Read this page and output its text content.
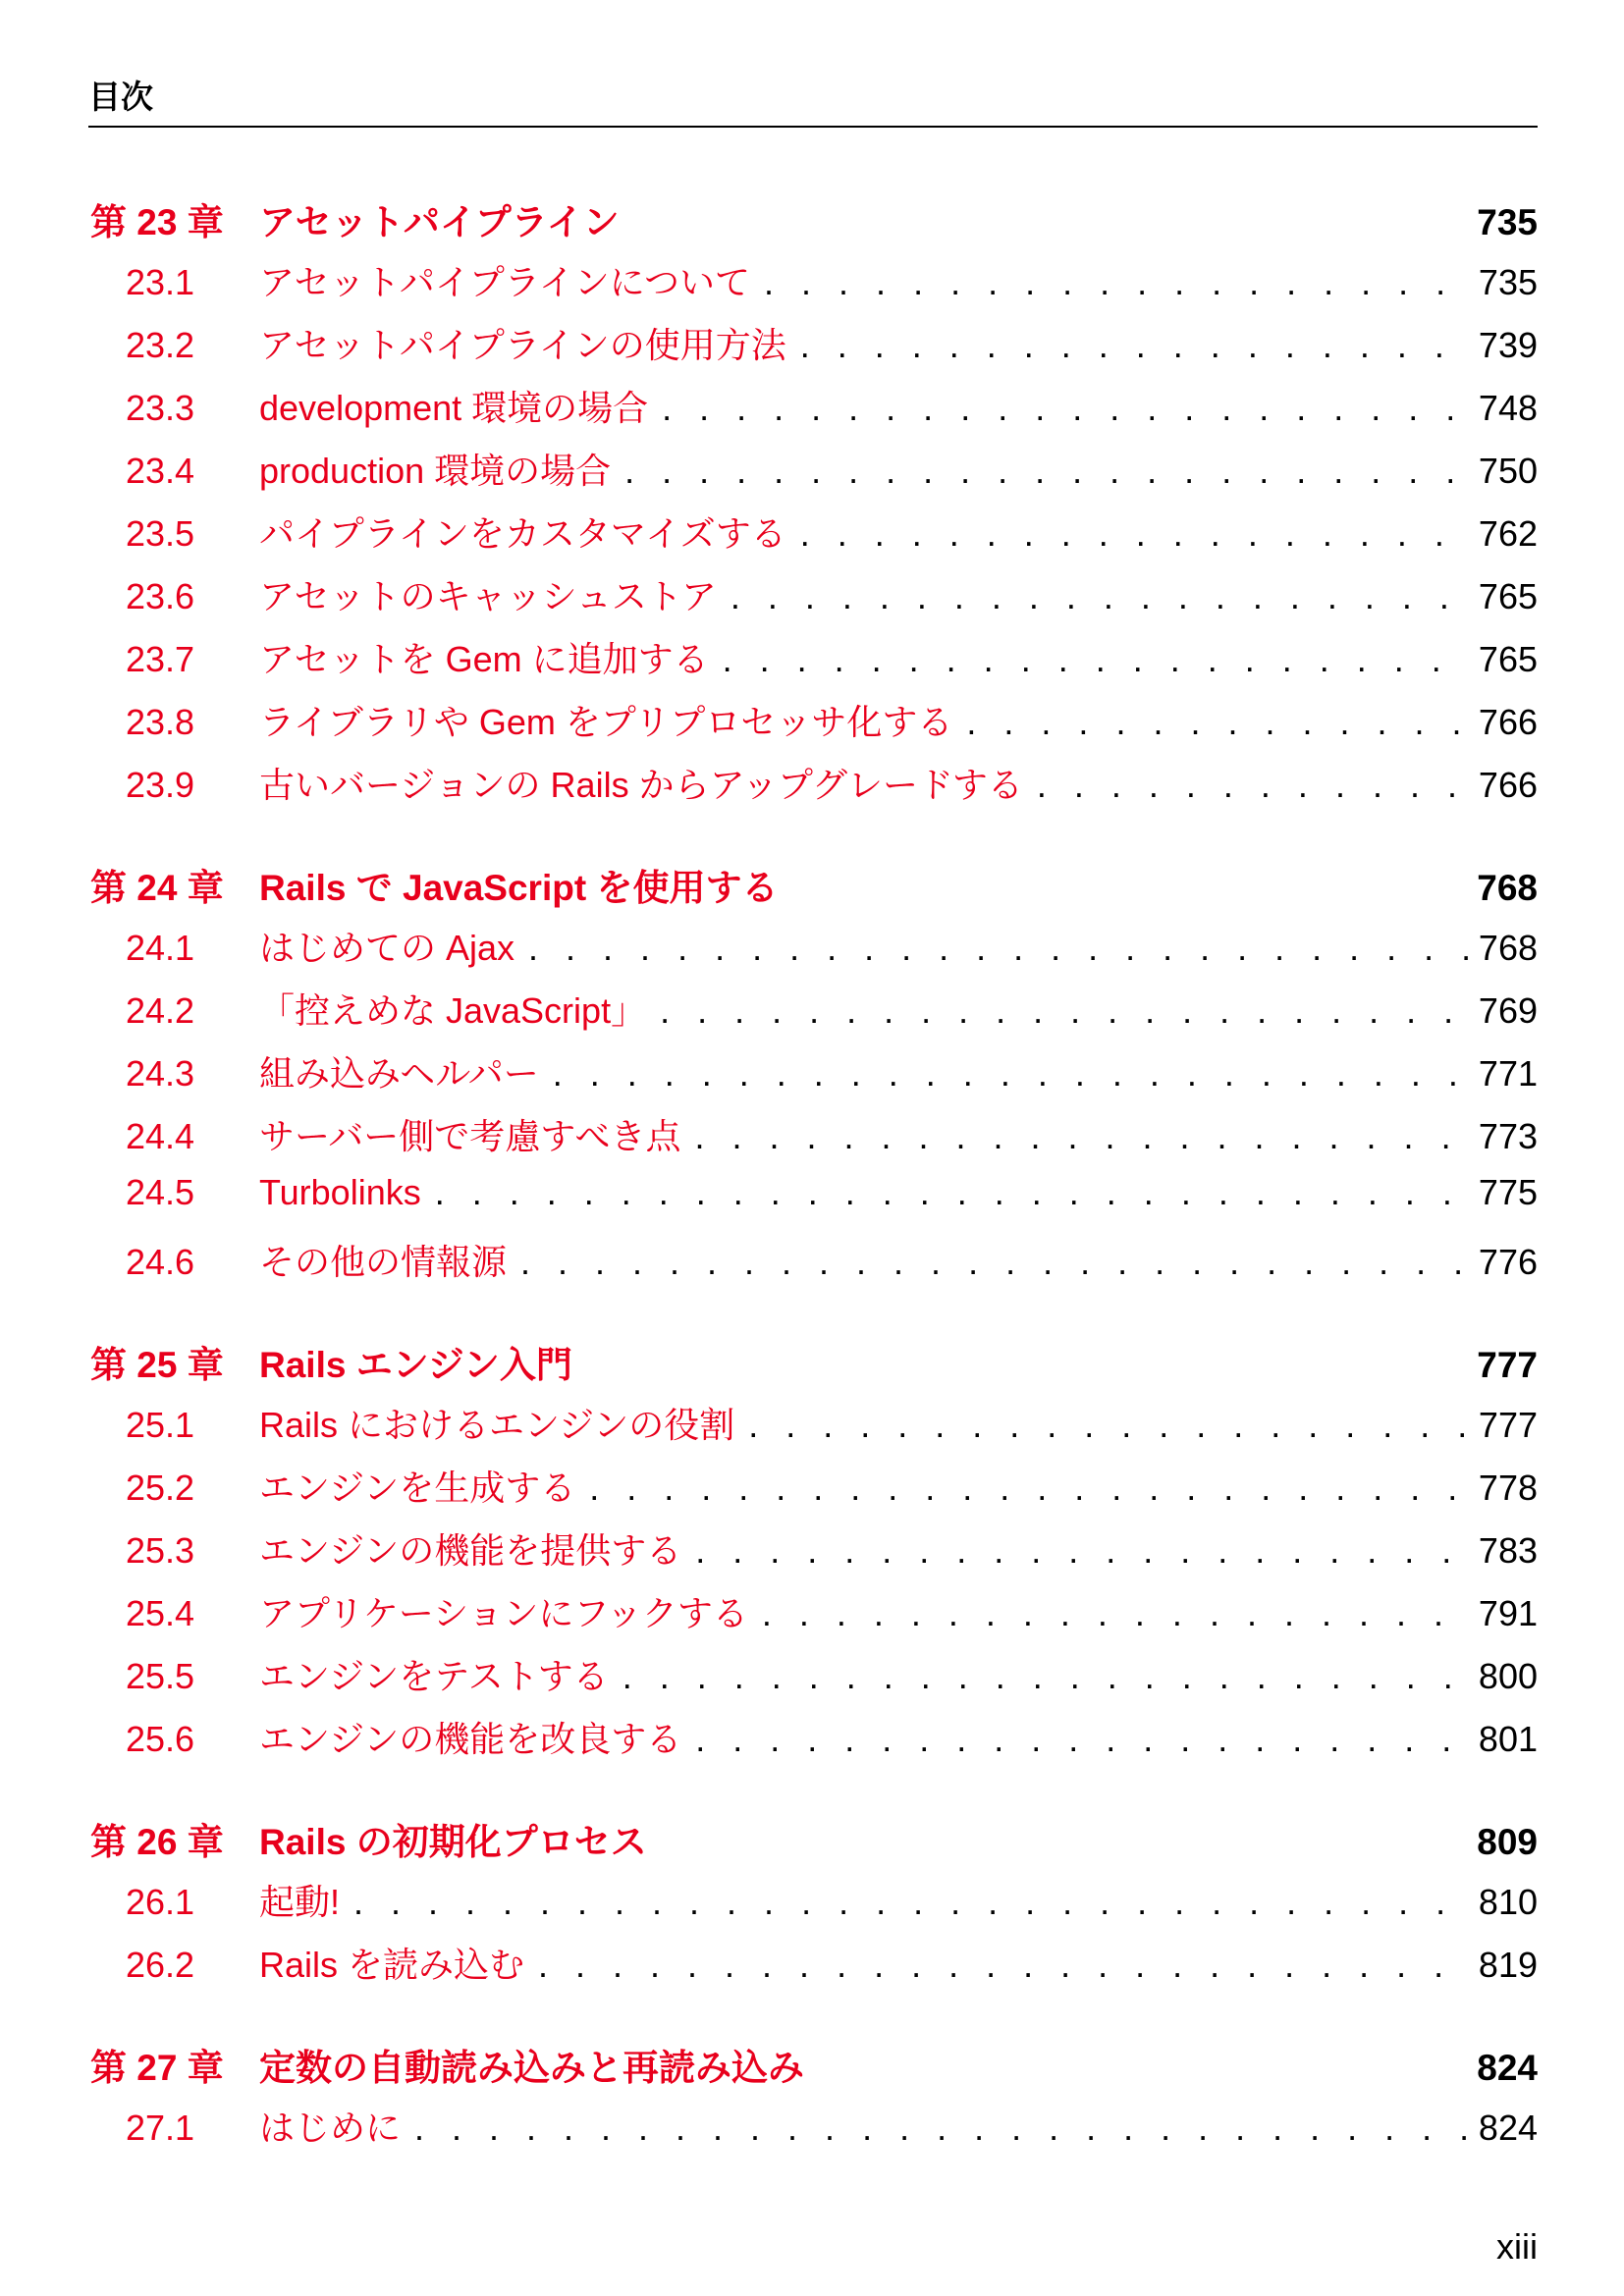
目次
第 23 章 アセットパイプライン	735
23.1	アセットパイプラインについて . . .	735
23.2	アセットパイプラインの使用方法 . . .	739
23.3	development 環境の場合 . . .	748
23.4	production 環境の場合 . . .	750
23.5	パイプラインをカスタマイズする . . .	762
23.6	アセットのキャッシュストア . . .	765
23.7	アセットを Gem に追加する . . .	765
23.8	ライブラリや Gem をプリプロセッサ化する . . .	766
23.9	古いバージョンの Rails からアップグレードする . . .	766
第 24 章 Rails で JavaScript を使用する	768
24.1	はじめての Ajax . . .	768
24.2	「控えめな JavaScript」 . . .	769
24.3	組み込みヘルパー . . .	771
24.4	サーバー側で考慮すべき点 . . .	773
24.5	Turbolinks . . .	775
24.6	その他の情報源 . . .	776
第 25 章 Rails エンジン入門	777
25.1	Rails におけるエンジンの役割 . . .	777
25.2	エンジンを生成する . . .	778
25.3	エンジンの機能を提供する . . .	783
25.4	アプリケーションにフックする . . .	791
25.5	エンジンをテストする . . .	800
25.6	エンジンの機能を改良する . . .	801
第 26 章 Rails の初期化プロセス	809
26.1	起動! . . .	810
26.2	Rails を読み込む . . .	819
第 27 章 定数の自動読み込みと再読み込み	824
27.1	はじめに . . .	824
xiii
